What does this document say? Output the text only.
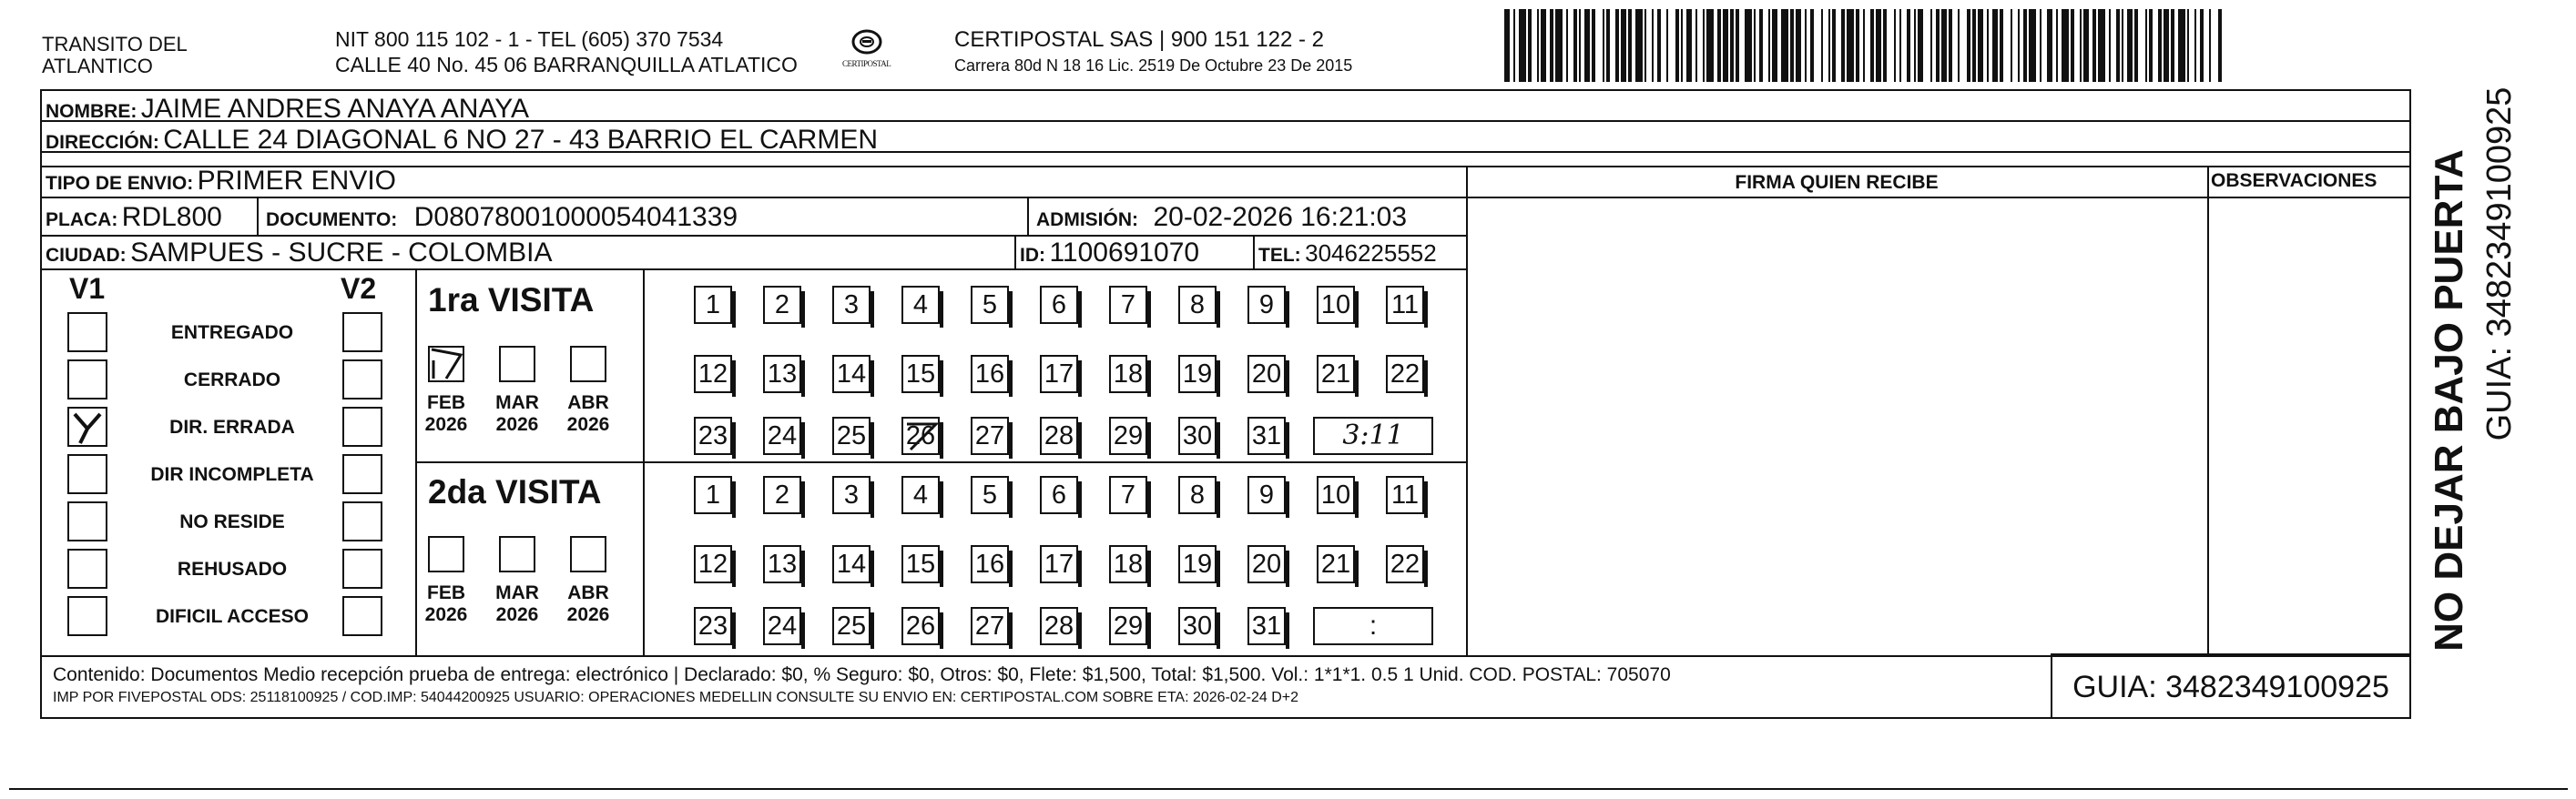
TRANSITO DEL
ATLANTICO
NIT 800 115 102 - 1 - TEL (605) 370 7534
CALLE 40 No. 45 06 BARRANQUILLA ATLATICO	CERTIPOSTAL
CERTIPOSTAL SAS | 900 151 122 - 2
Carrera 80d N 18 16 Lic. 2519 De Octubre 23 De 2015
NOMBRE: JAIME ANDRES ANAYA ANAYA
DIRECCIÓN: CALLE 24 DIAGONAL 6 NO 27 - 43 BARRIO EL CARMEN
TIPO DE ENVIO: PRIMER ENVIO
PLACA: RDL800 DOCUMENTO: D08078001000054041339	ADMISIÓN: 20-02-2026 16:21:03
CIUDAD: SAMPUES - SUCRE - COLOMBIA	ID: 1100691070	TEL: 3046225552
FIRMA QUIEN RECIBE	OBSERVACIONES
V1	V2
ENTREGADO
CERRADO
DIR. ERRADA
DIR INCOMPLETA
NO RESIDE
REHUSADO
DIFICIL ACCESO
1ra VISITA
2da VISITA
1 2 3 4 5 6 7 8 9 10 11
12 13 14 15 16 17 18 19 20 21 22
23 24 25 26 27 28 29 30 31	3:11
FEB
2026
MAR
2026
ABR
2026
1 2 3 4 5 6 7 8 9 10 11
12 13 14 15 16 17 18 19 20 21 22
23 24 25 26 27 28 29 30 31	:
FEB
2026
MAR
2026
ABR
2026	NO DEJAR BAJO PUERTA GUIA: 3482349100925
Contenido: Documentos Medio recepción prueba de entrega: electrónico | Declarado: $0, % Seguro: $0, Otros: $0, Flete: $1,500, Total: $1,500. Vol.: 1*1*1. 0.5 1 Unid. COD. POSTAL: 705070
IMP POR FIVEPOSTAL ODS: 25118100925 / COD.IMP: 54044200925 USUARIO: OPERACIONES MEDELLIN CONSULTE SU ENVIO EN: CERTIPOSTAL.COM SOBRE ETA: 2026-02-24 D+2	GUIA: 3482349100925
